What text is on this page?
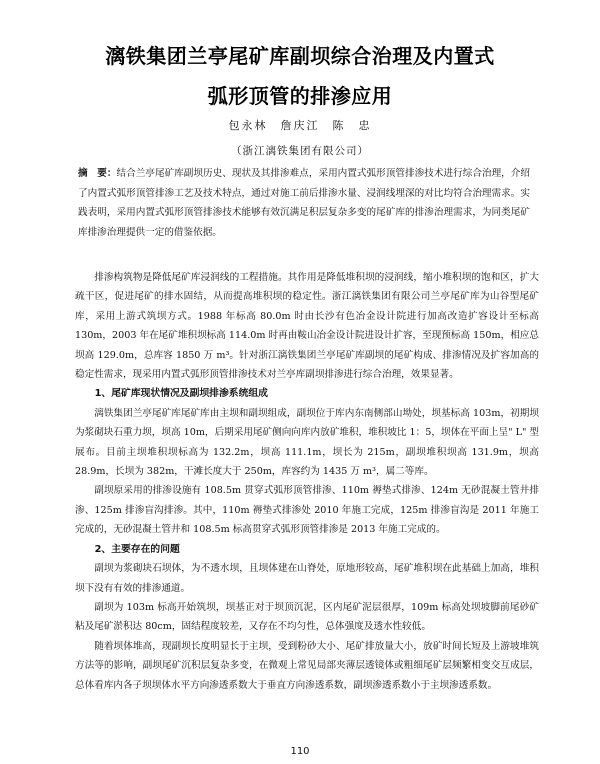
漓铁集团兰亭尾矿库副坝综合治理及内置式
弧形顶管的排渗应用
包永林　詹庆江　陈　忠
（浙江漓铁集团有限公司）
摘　要：结合兰亭尾矿库副坝历史、现状及其排渗难点，采用内置式弧形顶管排渗技术进行综合治理，介绍了内置式弧形顶管排渗工艺及技术特点，通过对施工前后排渗水量、浸润线埋深的对比均符合治理需求。实践表明，采用内置式弧形顶管排渗技术能够有效沉满足积层复杂多变的尾矿库的排渗治理需求，为同类尾矿库排渗治理提供一定的借鉴依据。

排渗构筑物是降低尾矿库浸润线的工程措施。其作用是降低堆积坝的浸润线，缩小堆积坝的饱和区，扩大疏干区，促进尾矿的排水固结，从而提高堆积坝的稳定性。浙江漓铁集团有限公司兰亭尾矿库为山谷型尾矿库，采用上游式筑坝方式。1988 年标高 80.0m 时由长沙有色冶金设计院进行加高改造扩容设计至标高 130m，2003 年在尾矿堆积坝标高 114.0m 时再由鞍山冶金设计院进设计扩容，至现预标高 150m，相应总坝高 129.0m，总库容 1850 万 m³。针对浙江漓铁集团兰亭尾矿库副坝的尾矿构成、排渗情况及扩容加高的稳定性需求，现采用内置式弧形顶管排渗技术对兰亭库副坝排渗进行综合治理，效果显著。

1、尾矿库现状情况及副坝排渗系统组成

漓铁集团兰亭尾矿库尾矿库由主坝和副坝组成，副坝位于库内东南侧部山坳处，坝基标高 103m，初期坝为浆砌块石重力坝，坝高 10m，后期采用尾矿侧向向库内放矿堆积，堆积坡比 1：5，坝体在平面上呈" L" 型展布。目前主坝堆积坝标高为 132.2m，坝高 111.1m，坝长为 215m，副坝堆积坝高 131.9m，坝高 28.9m，长坝为 382m，干滩长度大于 250m，库容约为 1435 万 m³，属二等库。

副坝原采用的排渗设施有 108.5m 贯穿式弧形顶管排渗、110m 褥垫式排渗、124m 无砂混凝土管井排渗、125m 排渗盲沟排渗。其中，110m 褥垫式排渗处 2010 年施工完成，125m 排渗盲沟是 2011 年施工完成的，无砂混凝土管井和 108.5m 标高贯穿式弧形顶管排渗是 2013 年施工完成的。

2、主要存在的问题

副坝为浆砌块石坝体，为不透水坝，且坝体建在山脊处，原地形较高，尾矿堆积坝在此基础上加高，堆积坝下没有有效的排渗通道。

副坝为 103m 标高开始筑坝，坝基正对于坝顶沉泥，区内尾矿泥层很厚，109m 标高处坝坡脚前尾砂矿粘及尾矿淤积达 80cm，固结程度较差，又存在不均匀性，总体强度及透水性较低。

随着坝体堆高，现副坝长度明显长于主坝，受到粉砂大小、尾矿排放量大小，放矿时间长短及上游坡堆筑方法等的影响，副坝尾矿沉积层复杂多变，在微观上常见局部夹薄层透镜体或粗细尾矿层频繁相变交互成层，总体看库内各子坝坝体水平方向渗透系数大于垂直方向渗透系数，副坝渗透系数小于主坝渗透系数。

110
